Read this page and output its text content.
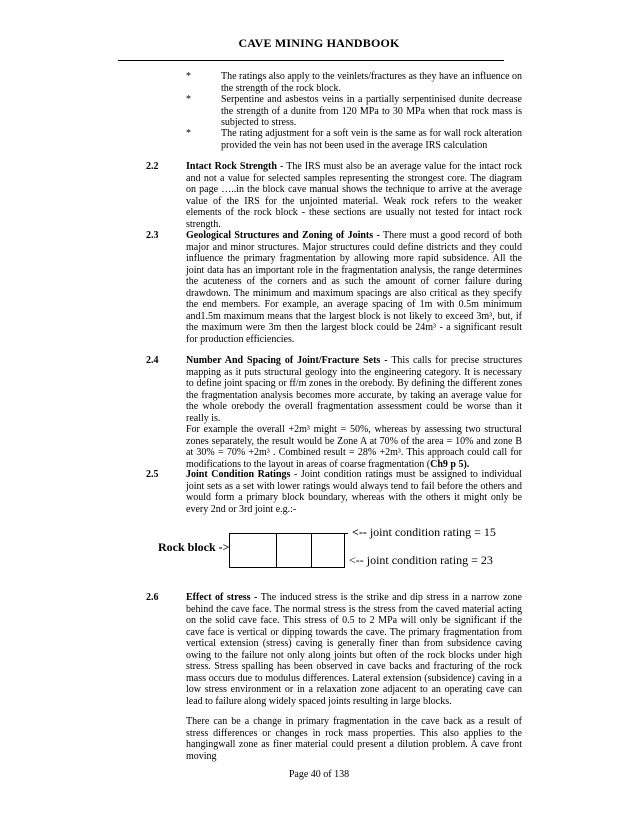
CAVE MINING HANDBOOK
*	The ratings also apply to the veinlets/fractures as they have an influence on the strength of the rock block.
*	Serpentine and asbestos veins in a partially serpentinised dunite decrease the strength of a dunite from 120 MPa to 30 MPa when that rock mass is subjected to stress.
*	The rating adjustment for a soft vein is the same as for wall rock alteration provided the vein has not been used in the average IRS calculation
2.2	Intact Rock Strength - The IRS must also be an average value for the intact rock and not a value for selected samples representing the strongest core. The diagram on page …..in the block cave manual shows the technique to arrive at the average value of the IRS for the unjointed material. Weak rock refers to the weaker elements of the rock block - these sections are usually not tested for intact rock strength.
2.3	Geological Structures and Zoning of Joints - There must a good record of both major and minor structures. Major structures could define districts and they could influence the primary fragmentation by allowing more rapid subsidence. All the joint data has an important role in the fragmentation analysis, the range determines the acuteness of the corners and as such the amount of corner failure during drawdown. The minimum and maximum spacings are also critical as they specify the end members. For example, an average spacing of 1m with 0.5m minimum and1.5m maximum means that the largest block is not likely to exceed 3m³, but, if the maximum were 3m then the largest block could be 24m³ - a significant result for production efficiencies.
2.4	Number And Spacing of Joint/Fracture Sets - This calls for precise structures mapping as it puts structural geology into the engineering category. It is necessary to define joint spacing or ff/m zones in the orebody. By defining the different zones the fragmentation analysis becomes more accurate, by taking an average value for the whole orebody the overall fragmentation assessment could be worse than it really is.
For example the overall +2m³ might = 50%, whereas by assessing two structural zones separately, the result would be Zone A at 70% of the area = 10% and zone B at 30% = 70% +2m³ . Combined result = 28% +2m³. This approach could call for modifications to the layout in areas of coarse fragmentation (Ch9 p 5).
2.5	Joint Condition Ratings - Joint condition ratings must be assigned to individual joint sets as a set with lower ratings would always tend to fail before the others and would form a primary block boundary, whereas with the others it might only be every 2nd or 3rd joint e.g.:-
Rock block ->
<-- joint condition rating = 15
<-- joint condition rating = 23
2.6	Effect of stress - The induced stress is the strike and dip stress in a narrow zone behind the cave face. The normal stress is the stress from the caved material acting on the solid cave face. This stress of 0.5 to 2 MPa will only be significant if the cave face is vertical or dipping towards the cave. The primary fragmentation from vertical extension (stress) caving is generally finer than from subsidence caving owing to the failure not only along joints but often of the rock blocks under high stress. Stress spalling has been observed in cave backs and fracturing of the rock mass occurs due to modulus differences. Lateral extension (subsidence) caving in a low stress environment or in a relaxation zone adjacent to an operating cave can lead to failure along widely spaced joints resulting in large blocks.
There can be a change in primary fragmentation in the cave back as a result of stress differences or changes in rock mass properties. This also applies to the hangingwall zone as finer material could present a dilution problem. A cave front moving
Page 40 of 138
